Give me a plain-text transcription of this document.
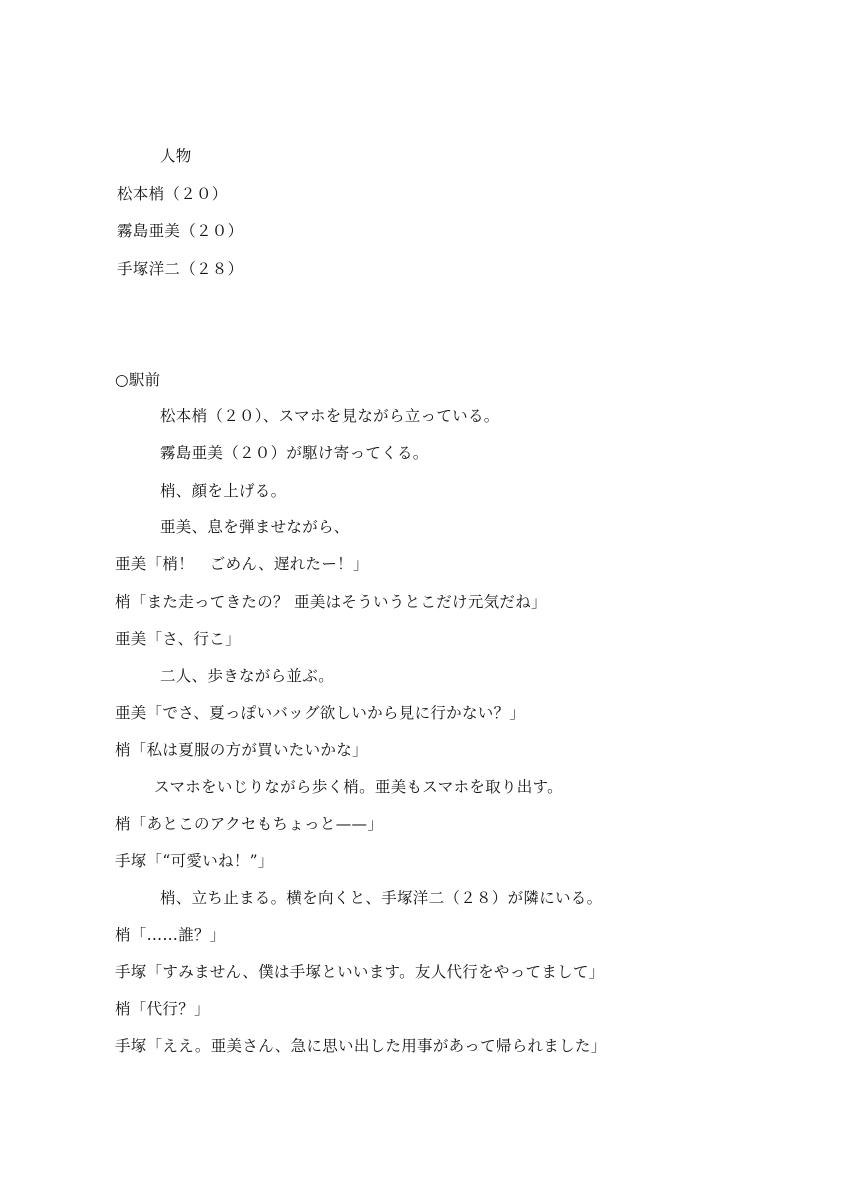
人物
松本梢（２０）
霧島亜美（２０）
手塚洋二（２８）
○駅前
松本梢（２０）、スマホを見ながら立っている。
霧島亜美（２０）が駆け寄ってくる。
梢、顔を上げる。
亜美、息を弾ませながら、
亜美「梢！　ごめん、遅れたー！」
梢「また走ってきたの？ 亜美はそういうとこだけ元気だね」
亜美「さ、行こ」
二人、歩きながら並ぶ。
亜美「でさ、夏っぽいバッグ欲しいから見に行かない？」
梢「私は夏服の方が買いたいかな」
スマホをいじりながら歩く梢。亜美もスマホを取り出す。
梢「あとこのアクセもちょっと——」
手塚「“可愛いね！”」
梢、立ち止まる。横を向くと、手塚洋二（２８）が隣にいる。
梢「……誰？」
手塚「すみません、僕は手塚といいます。友人代行をやってまして」
梢「代行？」
手塚「ええ。亜美さん、急に思い出した用事があって帰られました」
